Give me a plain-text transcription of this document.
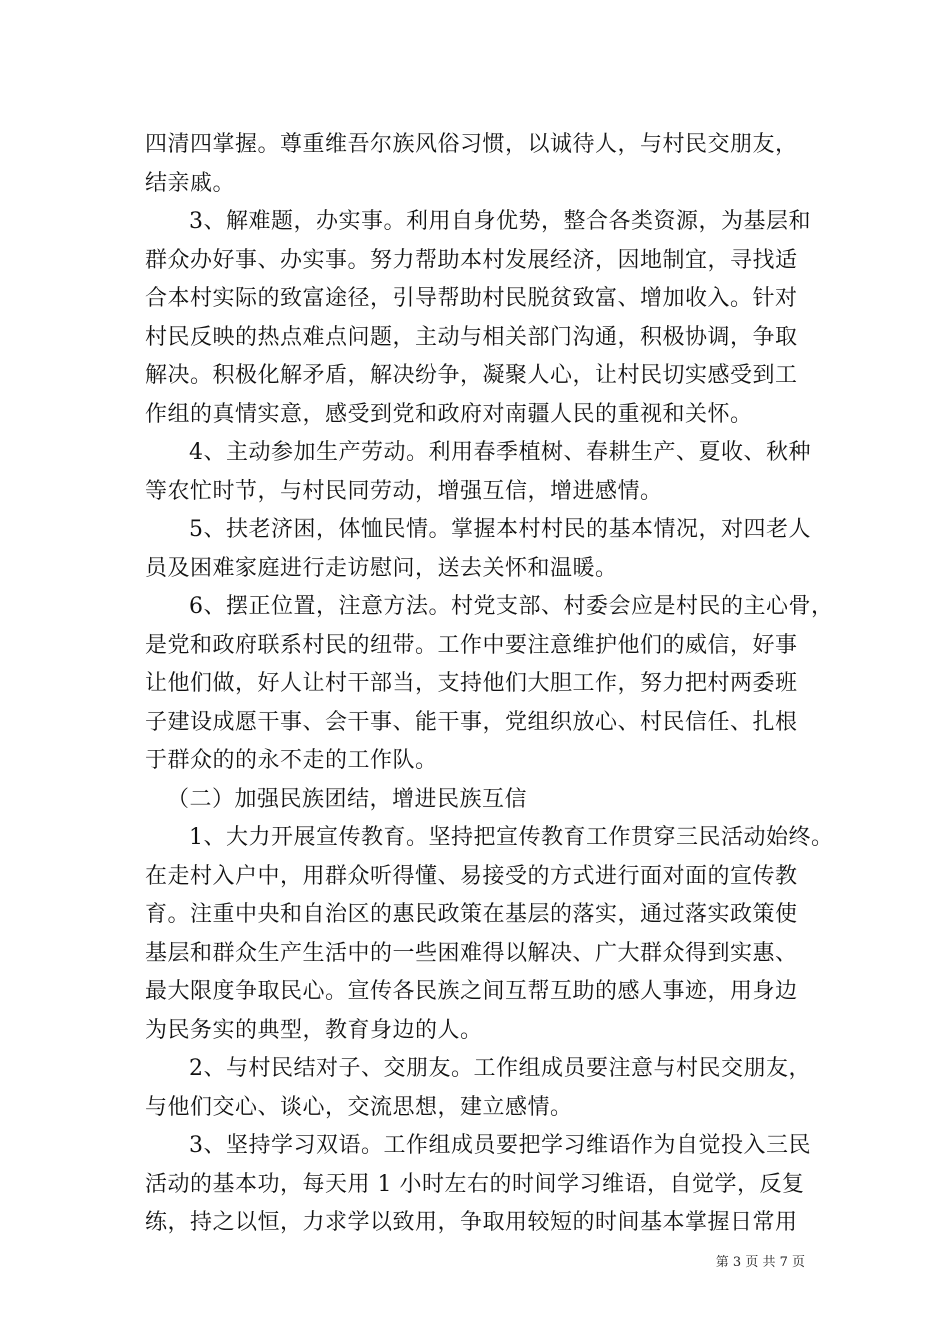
四清四掌握。尊重维吾尔族风俗习惯，以诚待人，与村民交朋友，

结亲戚。

3、解难题，办实事。利用自身优势，整合各类资源，为基层和

群众办好事、办实事。努力帮助本村发展经济，因地制宜，寻找适

合本村实际的致富途径，引导帮助村民脱贫致富、增加收入。针对

村民反映的热点难点问题，主动与相关部门沟通，积极协调，争取

解决。积极化解矛盾，解决纷争，凝聚人心，让村民切实感受到工

作组的真情实意，感受到党和政府对南疆人民的重视和关怀。

4、主动参加生产劳动。利用春季植树、春耕生产、夏收、秋种

等农忙时节，与村民同劳动，增强互信，增进感情。

5、扶老济困，体恤民情。掌握本村村民的基本情况，对四老人

员及困难家庭进行走访慰问，送去关怀和温暖。

6、摆正位置，注意方法。村党支部、村委会应是村民的主心骨，

是党和政府联系村民的纽带。工作中要注意维护他们的威信，好事

让他们做，好人让村干部当，支持他们大胆工作，努力把村两委班

子建设成愿干事、会干事、能干事，党组织放心、村民信任、扎根

于群众的的永不走的工作队。

（二）加强民族团结，增进民族互信

1、大力开展宣传教育。坚持把宣传教育工作贯穿三民活动始终。

在走村入户中，用群众听得懂、易接受的方式进行面对面的宣传教

育。注重中央和自治区的惠民政策在基层的落实，通过落实政策使

基层和群众生产生活中的一些困难得以解决、广大群众得到实惠、

最大限度争取民心。宣传各民族之间互帮互助的感人事迹，用身边

为民务实的典型，教育身边的人。

2、与村民结对子、交朋友。工作组成员要注意与村民交朋友，

与他们交心、谈心，交流思想，建立感情。

3、坚持学习双语。工作组成员要把学习维语作为自觉投入三民

活动的基本功，每天用 1 小时左右的时间学习维语，自觉学，反复

练，持之以恒，力求学以致用，争取用较短的时间基本掌握日常用

第 3 页 共 7 页
